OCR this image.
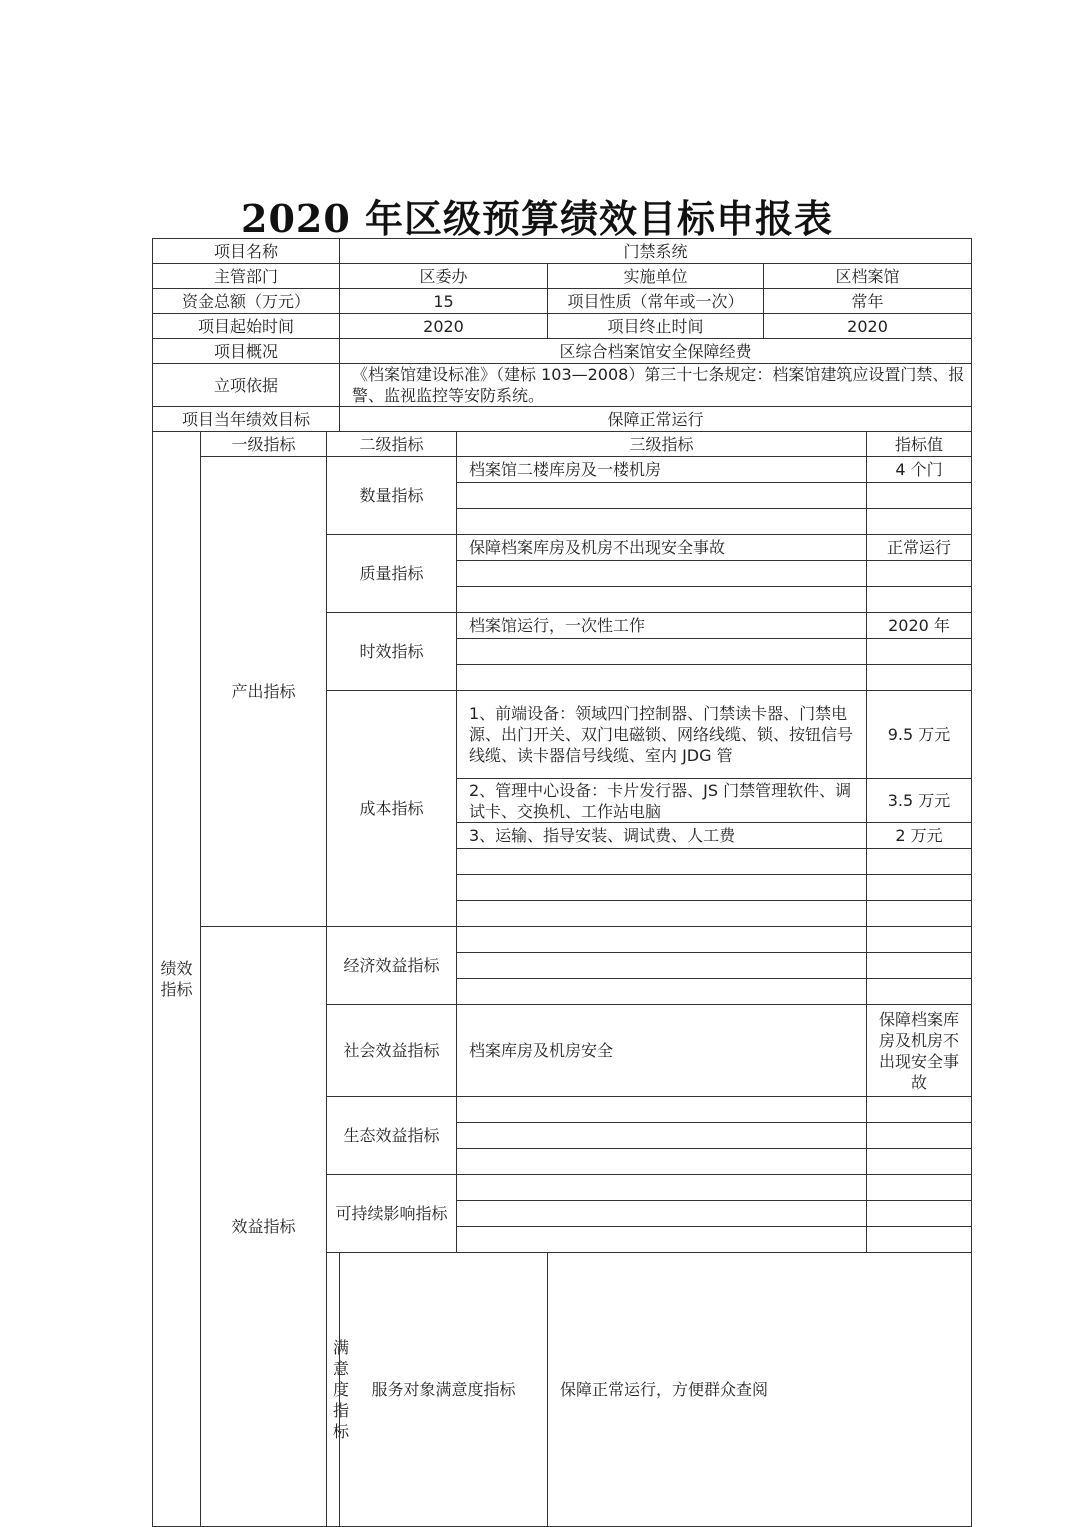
2020 年区级预算绩效目标申报表
项目名称			门禁系统					
主管部门			区委办		实施单位	区档案馆		
资金总额（万元）			15		项目性质（常年或一次）	常年		
项目起始时间			2020		项目终止时间	2020		
项目概况			区综合档案馆安全保障经费					
立项依据			《档案馆建设标准》（建标 103—2008）第三十七条规定：档案馆建筑应设置门禁、报警、监视监控等安防系统。					
项目当年绩效目标			保障正常运行					
绩效指标	一级指标	二级指标		三级指标			指标值	
	产出指标	数量指标		档案馆二楼库房及一楼机房			4 个门	

		质量指标		保障档案库房及机房不出现安全事故			正常运行	

		时效指标		档案馆运行，一次性工作			2020 年	

		成本指标		1、前端设备：领域四门控制器、门禁读卡器、门禁电源、出门开关、双门电磁锁、网络线缆、锁、按钮信号线缆、读卡器信号线缆、室内 JDG 管			9.5 万元	
				2、管理中心设备：卡片发行器、JS 门禁管理软件、调试卡、交换机、工作站电脑			3.5 万元	
				3、运输、指导安装、调试费、人工费			2 万元	

	效益指标	经济效益指标						

		社会效益指标		档案库房及机房安全			保障档案库房及机房不出现安全事故	
		生态效益指标						

		可持续影响指标						

		满意度指标	服务对象满意度指标		保障正常运行，方便群众查阅	
